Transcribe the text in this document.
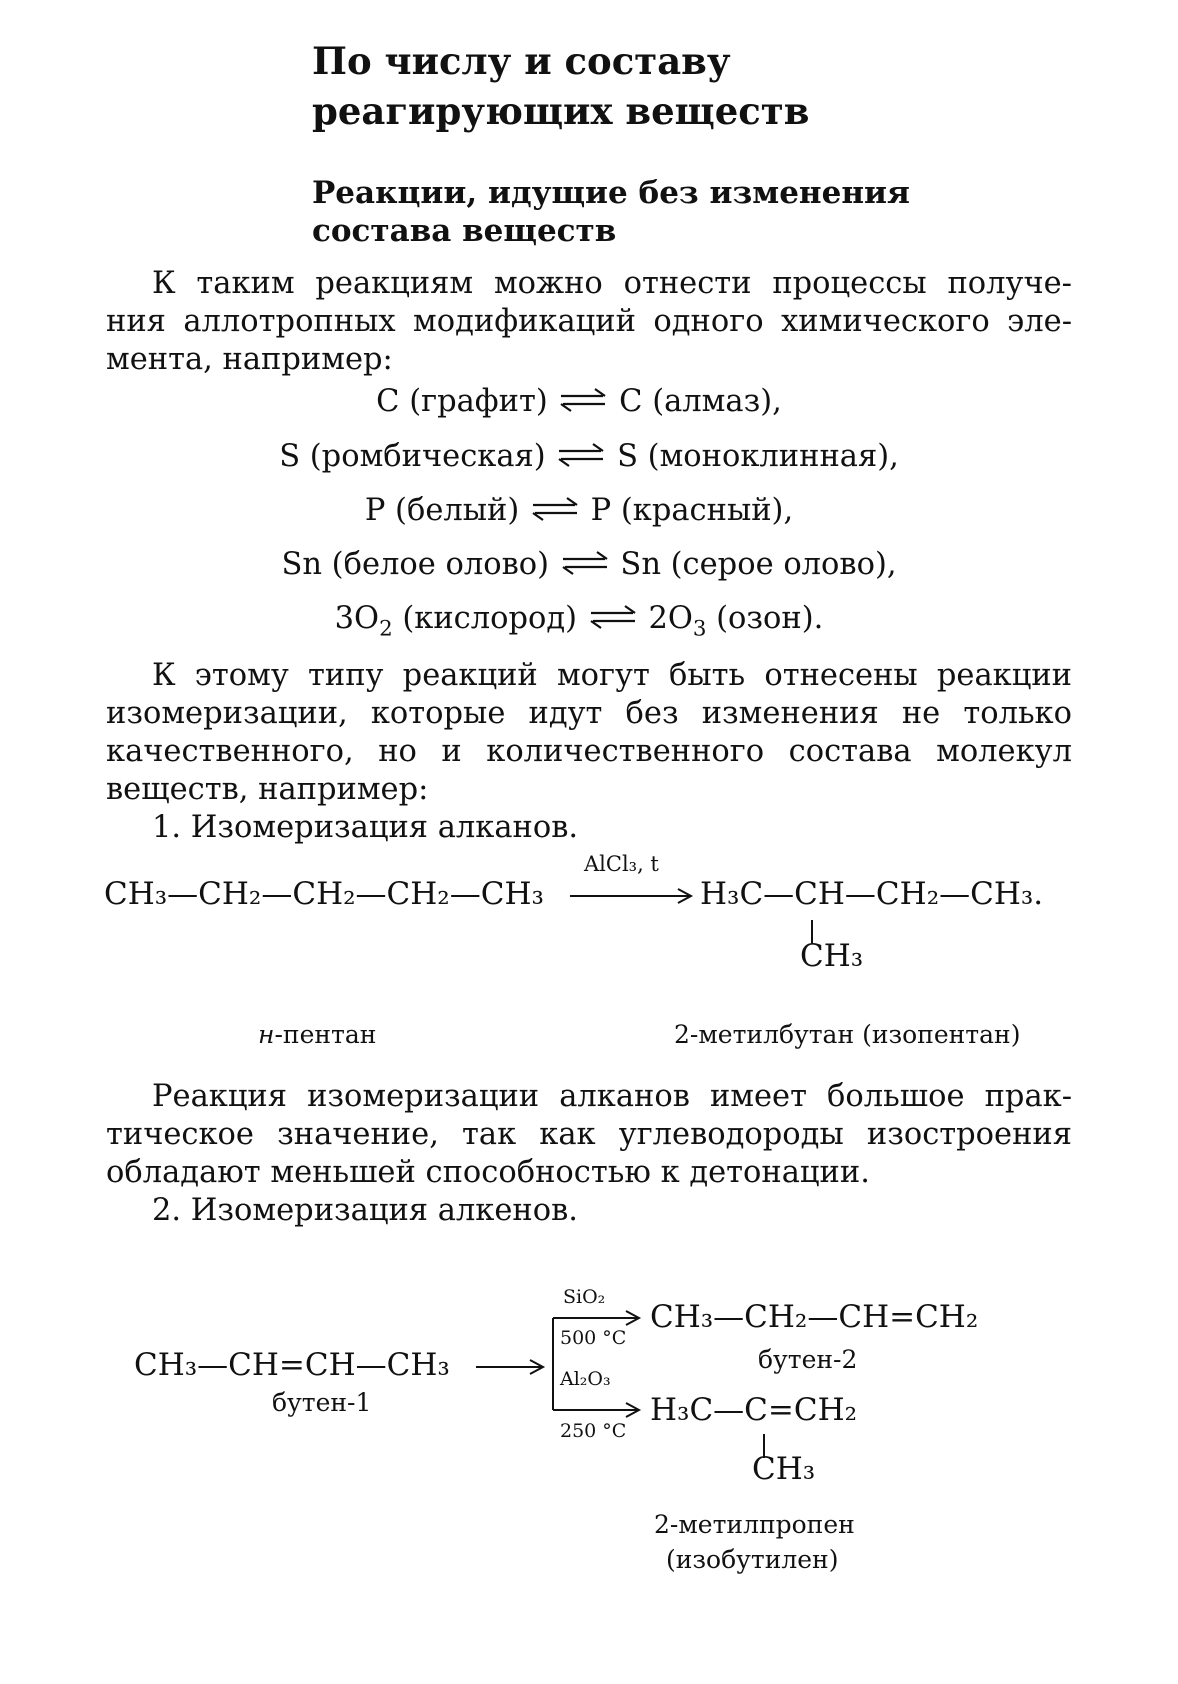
По числу и составу
реагирующих веществ
Реакции, идущие без изменения
состава веществ
К таким реакциям можно отнести процессы получе-
ния аллотропных модификаций одного химического эле-
мента, например:
С (графит) ⇌ С (алмаз),
S (ромбическая) ⇌ S (моноклинная),
Р (белый) ⇌ Р (красный),
Sn (белое олово) ⇌ Sn (серое олово),
$3O_2$ (кислород) ⇌ $2O_3$ (озон).
К этому типу реакций могут быть отнесены реакции
изомеризации, которые идут без изменения не только
качественного, но и количественного состава молекул
веществ, например:
1. Изомеризация алканов.
CH₃—CH₂—CH₂—CH₂—CH₃
AlCl₃, t
H₃C—CH—CH₂—CH₃.
CH₃
н-пентан	2-метилбутан (изопентан)
Реакция изомеризации алканов имеет большое прак-
тическое значение, так как углеводороды изостроения
обладают меньшей способностью к детонации.
2. Изомеризация алкенов.
CH₃—CH=CH—CH₃
бутен-1
SiO₂
500 °C
CH₃—CH₂—CH=CH₂
бутен-2
Al₂O₃
250 °C
H₃C—C=CH₂
CH₃
2-метилпропен
(изобутилен)
